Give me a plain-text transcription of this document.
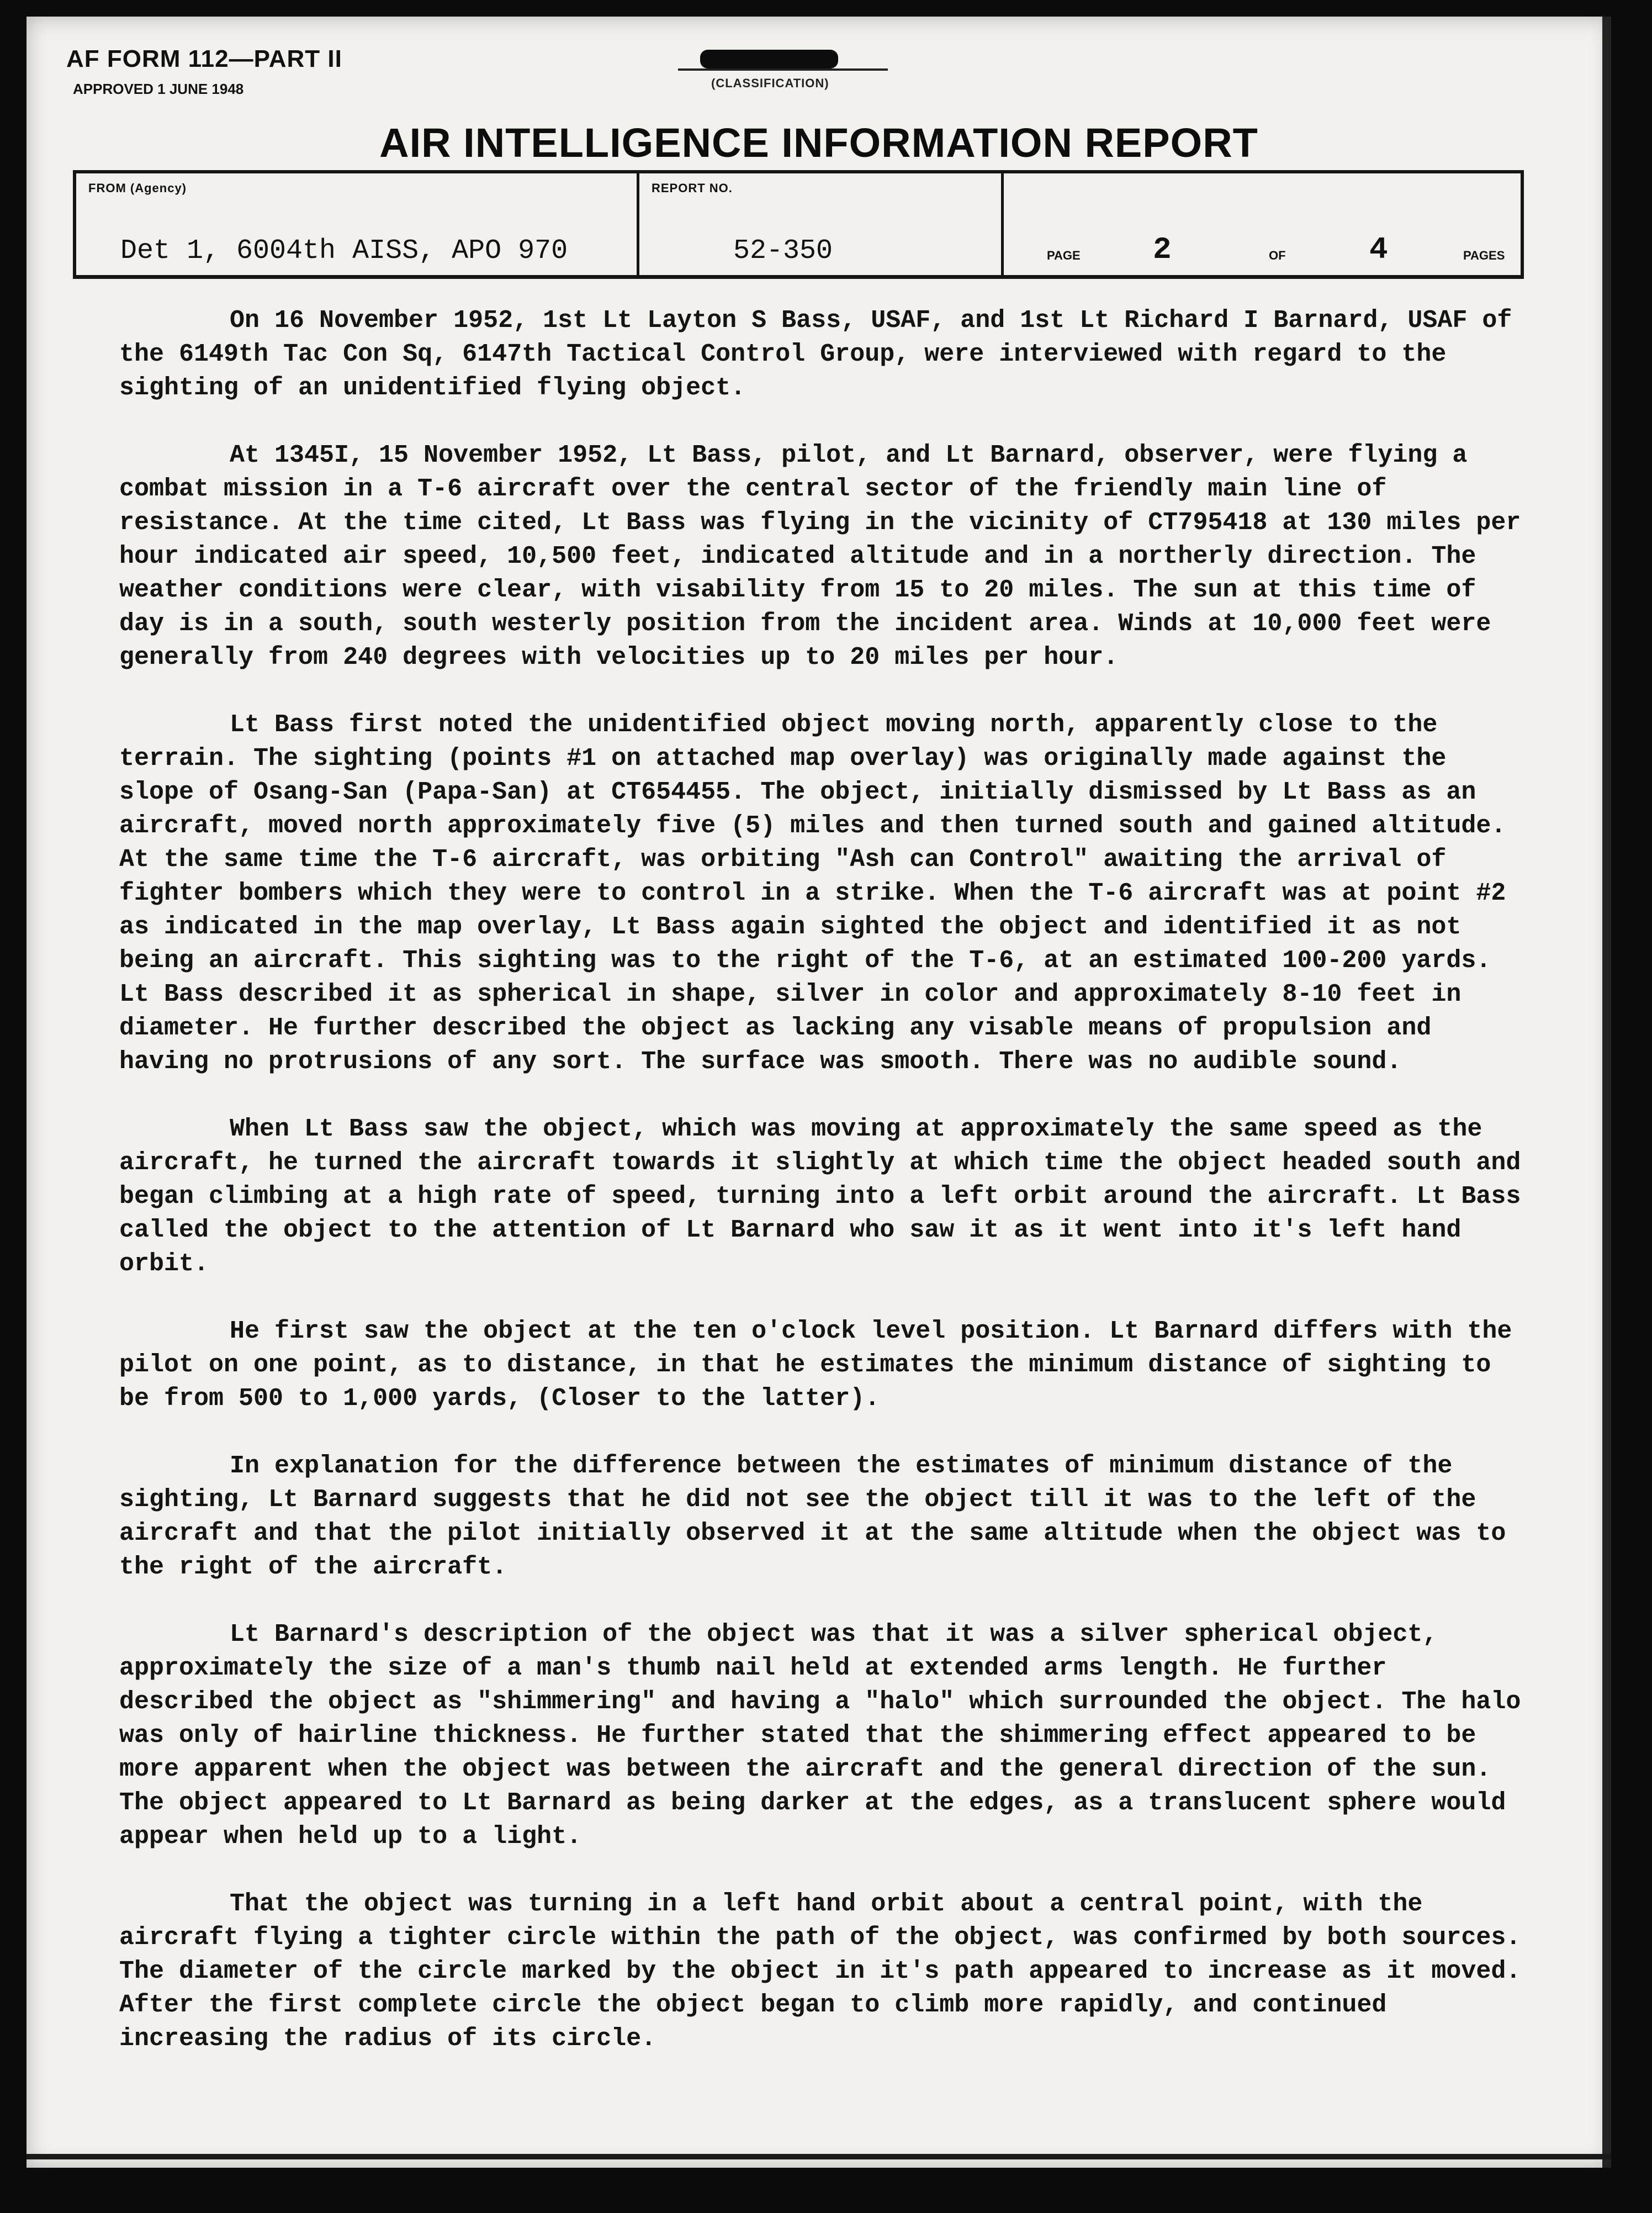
AF FORM 112—PART II
APPROVED 1 JUNE 1948	(CLASSIFICATION)
AIR INTELLIGENCE INFORMATION REPORT
FROM (Agency)
Det 1, 6004th AISS, APO 970
REPORT NO.
52-350	PAGE 2	OF	4	PAGES

On 16 November 1952, 1st Lt Layton S Bass, USAF, and 1st Lt Richard I Barnard, USAF of the 6149th Tac Con Sq, 6147th Tactical Control Group, were interviewed with regard to the sighting of an unidentified flying object.

At 1345I, 15 November 1952, Lt Bass, pilot, and Lt Barnard, observer, were flying a combat mission in a T-6 aircraft over the central sector of the friendly main line of resistance. At the time cited, Lt Bass was flying in the vicinity of CT795418 at 130 miles per hour indicated air speed, 10,500 feet, indicated altitude and in a northerly direction. The weather conditions were clear, with visability from 15 to 20 miles. The sun at this time of day is in a south, south westerly position from the incident area. Winds at 10,000 feet were generally from 240 degrees with velocities up to 20 miles per hour.

Lt Bass first noted the unidentified object moving north, apparently close to the terrain. The sighting (points #1 on attached map overlay) was originally made against the slope of Osang-San (Papa-San) at CT654455. The object, initially dismissed by Lt Bass as an aircraft, moved north approximately five (5) miles and then turned south and gained altitude. At the same time the T-6 aircraft, was orbiting "Ash can Control" awaiting the arrival of fighter bombers which they were to control in a strike. When the T-6 aircraft was at point #2 as indicated in the map overlay, Lt Bass again sighted the object and identified it as not being an aircraft. This sighting was to the right of the T-6, at an estimated 100-200 yards. Lt Bass described it as spherical in shape, silver in color and approximately 8-10 feet in diameter. He further described the object as lacking any visable means of propulsion and having no protrusions of any sort. The surface was smooth. There was no audible sound.

When Lt Bass saw the object, which was moving at approximately the same speed as the aircraft, he turned the aircraft towards it slightly at which time the object headed south and began climbing at a high rate of speed, turning into a left orbit around the aircraft. Lt Bass called the object to the attention of Lt Barnard who saw it as it went into it's left hand orbit.

He first saw the object at the ten o'clock level position. Lt Barnard differs with the pilot on one point, as to distance, in that he estimates the minimum distance of sighting to be from 500 to 1,000 yards, (Closer to the latter).

In explanation for the difference between the estimates of minimum distance of the sighting, Lt Barnard suggests that he did not see the object till it was to the left of the aircraft and that the pilot initially observed it at the same altitude when the object was to the right of the aircraft.

Lt Barnard's description of the object was that it was a silver spherical object, approximately the size of a man's thumb nail held at extended arms length. He further described the object as "shimmering" and having a "halo" which surrounded the object. The halo was only of hairline thickness. He further stated that the shimmering effect appeared to be more apparent when the object was between the aircraft and the general direction of the sun. The object appeared to Lt Barnard as being darker at the edges, as a translucent sphere would appear when held up to a light.

That the object was turning in a left hand orbit about a central point, with the aircraft flying a tighter circle within the path of the object, was confirmed by both sources. The diameter of the circle marked by the object in it's path appeared to increase as it moved. After the first complete circle the object began to climb more rapidly, and continued increasing the radius of its circle.
